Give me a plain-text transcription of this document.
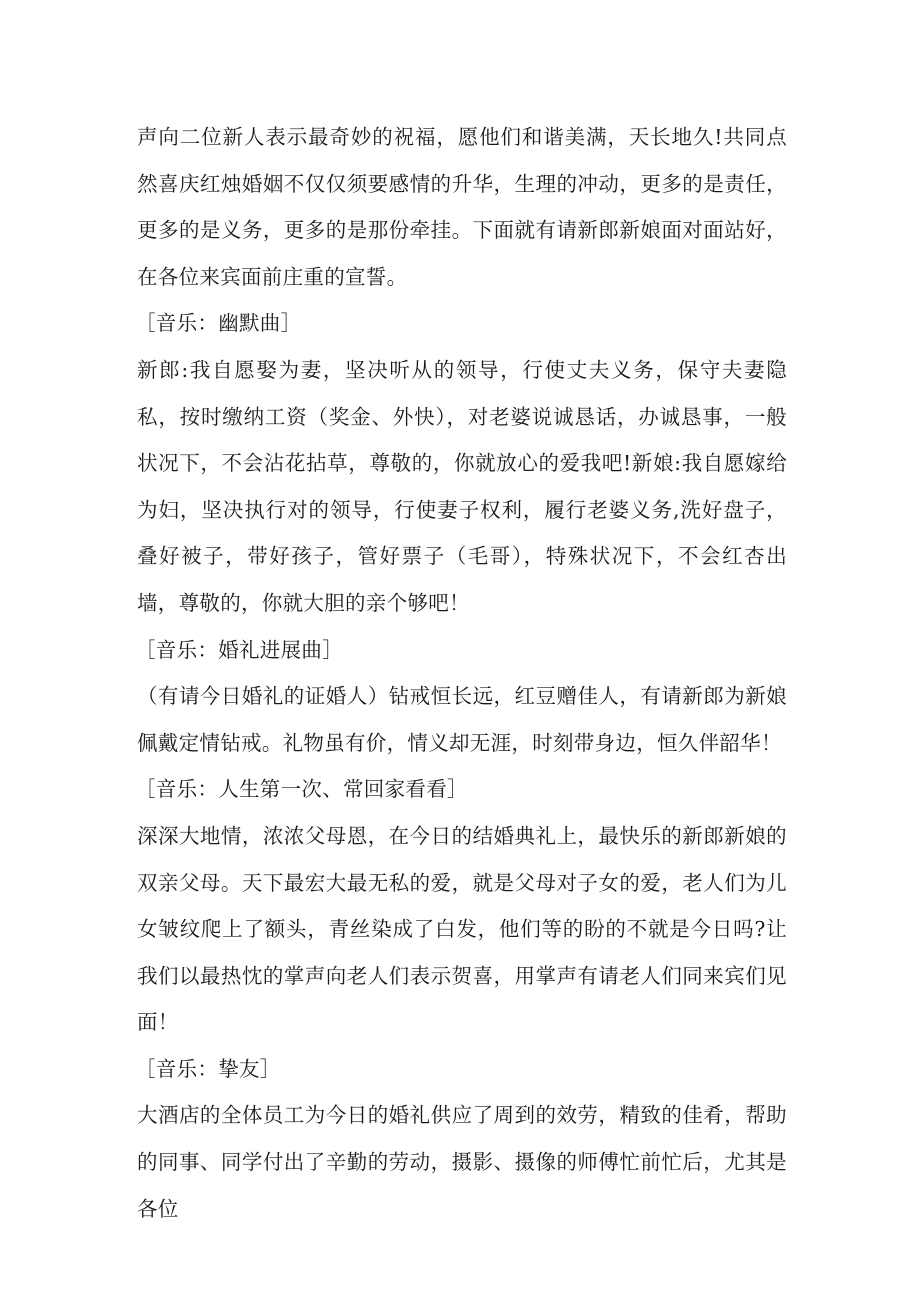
声向二位新人表示最奇妙的祝福，愿他们和谐美满，天长地久!共同点然喜庆红烛婚姻不仅仅须要感情的升华，生理的冲动，更多的是责任，更多的是义务，更多的是那份牵挂。下面就有请新郎新娘面对面站好，在各位来宾面前庄重的宣誓。

［音乐：幽默曲］

新郎:我自愿娶为妻，坚决听从的领导，行使丈夫义务，保守夫妻隐私，按时缴纳工资（奖金、外快），对老婆说诚恳话，办诚恳事，一般状况下，不会沾花拈草，尊敬的，你就放心的爱我吧!新娘:我自愿嫁给为妇，坚决执行对的领导，行使妻子权利，履行老婆义务,洗好盘子，叠好被子，带好孩子，管好票子（毛哥），特殊状况下，不会红杏出墙，尊敬的，你就大胆的亲个够吧！

［音乐：婚礼进展曲］

（有请今日婚礼的证婚人）钻戒恒长远，红豆赠佳人，有请新郎为新娘佩戴定情钻戒。礼物虽有价，情义却无涯，时刻带身边，恒久伴韶华！

［音乐：人生第一次、常回家看看］

深深大地情，浓浓父母恩，在今日的结婚典礼上，最快乐的新郎新娘的双亲父母。天下最宏大最无私的爱，就是父母对子女的爱，老人们为儿女皱纹爬上了额头，青丝染成了白发，他们等的盼的不就是今日吗?让我们以最热忱的掌声向老人们表示贺喜，用掌声有请老人们同来宾们见面！

［音乐：挚友］

大酒店的全体员工为今日的婚礼供应了周到的效劳，精致的佳肴，帮助的同事、同学付出了辛勤的劳动，摄影、摄像的师傅忙前忙后，尤其是各位
